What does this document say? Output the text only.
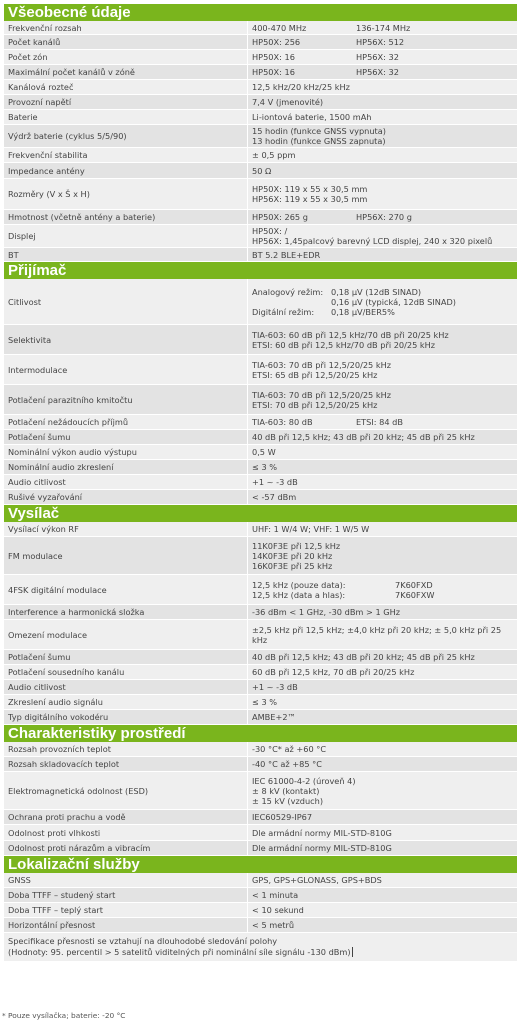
Všeobecné údaje
Frekvenční rozsah	400-470 MHz	136-174 MHz
Počet kanálů	HP50X: 256	HP56X: 512
Počet zón	HP50X: 16	HP56X: 32
Maximální počet kanálů v zóně	HP50X: 16	HP56X: 32
Kanálová rozteč	12,5 kHz/20 kHz/25 kHz
Provozní napětí	7,4 V (jmenovité)
Baterie	Li-iontová baterie, 1500 mAh
Výdrž baterie (cyklus 5/5/90)	15 hodin (funkce GNSS vypnuta)
13 hodin (funkce GNSS zapnuta)
Frekvenční stabilita	± 0,5 ppm
Impedance antény	50 Ω
Rozměry (V x Š x H)	HP50X: 119 x 55 x 30,5 mm
HP56X: 119 x 55 x 30,5 mm
Hmotnost (včetně antény a baterie)	HP50X: 265 g	HP56X: 270 g
Displej	HP50X: /
HP56X: 1,45palcový barevný LCD displej, 240 x 320 pixelů
BT	BT 5.2 BLE+EDR
Přijímač
Citlivost
Analogový režim: 0,18 μV (12dB SINAD)
0,16 μV (typická, 12dB SINAD)
Digitální režim:	0,18 μV/BER5%
Selektivita	TIA-603: 60 dB při 12,5 kHz/70 dB při 20/25 kHz
ETSI: 60 dB při 12,5 kHz/70 dB při 20/25 kHz
Intermodulace	TIA-603: 70 dB při 12,5/20/25 kHz
ETSI: 65 dB při 12,5/20/25 kHz
Potlačení parazitního kmitočtu	TIA-603: 70 dB při 12,5/20/25 kHz
ETSI: 70 dB při 12,5/20/25 kHz
Potlačení nežádoucích příjmů	TIA-603: 80 dB	ETSI: 84 dB
Potlačení šumu	40 dB při 12,5 kHz; 43 dB při 20 kHz; 45 dB při 25 kHz
Nominální výkon audio výstupu	0,5 W
Nominální audio zkreslení	≤ 3 %
Audio citlivost	+1 ~ -3 dB
Rušivé vyzařování	< -57 dBm
Vysílač
Vysílací výkon RF	UHF: 1 W/4 W; VHF: 1 W/5 W
FM modulace
11K0F3E při 12,5 kHz
14K0F3E při 20 kHz
16K0F3E při 25 kHz
4FSK digitální modulace	12,5 kHz (pouze data):	7K60FXD
12,5 kHz (data a hlas):	7K60FXW
Interference a harmonická složka	-36 dBm < 1 GHz, -30 dBm > 1 GHz
Omezení modulace	±2,5 kHz při 12,5 kHz; ±4,0 kHz při 20 kHz; ± 5,0 kHz při 25 kHz
Potlačení šumu	40 dB při 12,5 kHz; 43 dB při 20 kHz; 45 dB při 25 kHz
Potlačení sousedního kanálu	60 dB při 12,5 kHz, 70 dB při 20/25 kHz
Audio citlivost	+1 ~ -3 dB
Zkreslení audio signálu	≤ 3 %
Typ digitálního vokodéru	AMBE+2™
Charakteristiky prostředí
Rozsah provozních teplot	-30 °C* až +60 °C
Rozsah skladovacích teplot	-40 °C až +85 °C
Elektromagnetická odolnost (ESD)
IEC 61000-4-2 (úroveň 4)
± 8 kV (kontakt)
± 15 kV (vzduch)
Ochrana proti prachu a vodě	IEC60529-IP67
Odolnost proti vlhkosti	Dle armádní normy MIL-STD-810G
Odolnost proti nárazům a vibracím	Dle armádní normy MIL-STD-810G
Lokalizační služby
GNSS	GPS, GPS+GLONASS, GPS+BDS
Doba TTFF – studený start	< 1 minuta
Doba TTFF – teplý start	< 10 sekund
Horizontální přesnost	< 5 metrů
Specifikace přesnosti se vztahují na dlouhodobé sledování polohy
(Hodnoty: 95. percentil > 5 satelitů viditelných při nominální síle signálu -130 dBm)
* Pouze vysílačka; baterie: -20 °C
